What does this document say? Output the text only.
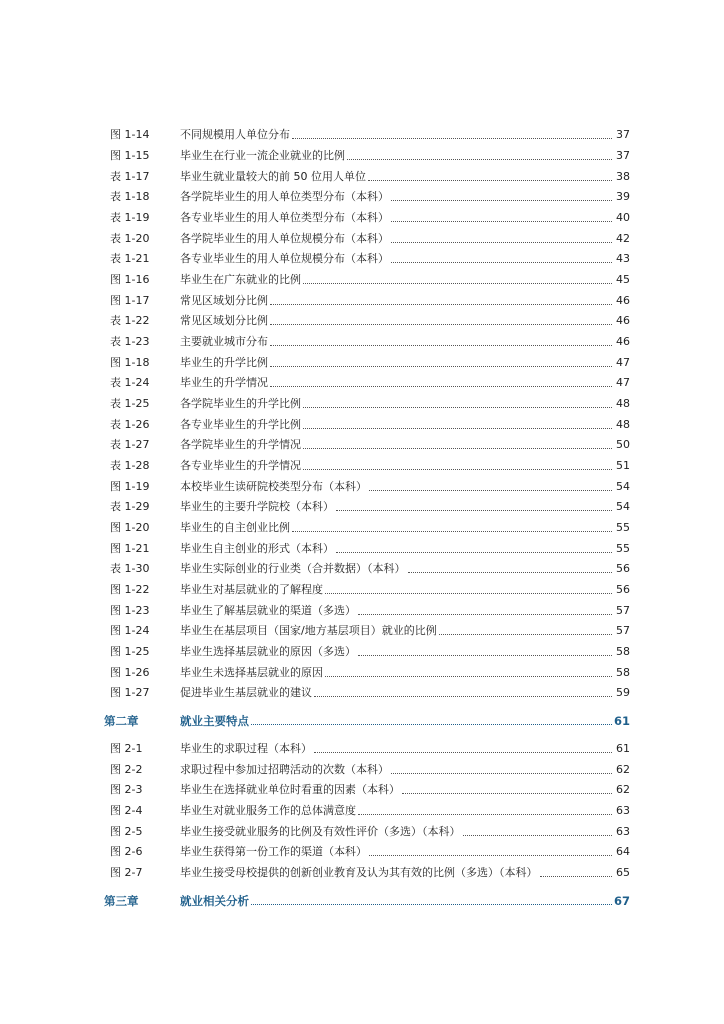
图 1-14	不同规模用人单位分布	37
图 1-15	毕业生在行业一流企业就业的比例	37
表 1-17	毕业生就业量较大的前 50 位用人单位	38
表 1-18	各学院毕业生的用人单位类型分布（本科）	39
表 1-19	各专业毕业生的用人单位类型分布（本科）	40
表 1-20	各学院毕业生的用人单位规模分布（本科）	42
表 1-21	各专业毕业生的用人单位规模分布（本科）	43
图 1-16	毕业生在广东就业的比例	45
图 1-17	常见区域划分比例	46
表 1-22	常见区域划分比例	46
表 1-23	主要就业城市分布	46
图 1-18	毕业生的升学比例	47
表 1-24	毕业生的升学情况	47
表 1-25	各学院毕业生的升学比例	48
表 1-26	各专业毕业生的升学比例	48
表 1-27	各学院毕业生的升学情况	50
表 1-28	各专业毕业生的升学情况	51
图 1-19	本校毕业生读研院校类型分布（本科）	54
表 1-29	毕业生的主要升学院校（本科）	54
图 1-20	毕业生的自主创业比例	55
图 1-21	毕业生自主创业的形式（本科）	55
表 1-30	毕业生实际创业的行业类（合并数据）（本科）	56
图 1-22	毕业生对基层就业的了解程度	56
图 1-23	毕业生了解基层就业的渠道（多选）	57
图 1-24	毕业生在基层项目（国家/地方基层项目）就业的比例	57
图 1-25	毕业生选择基层就业的原因（多选）	58
图 1-26	毕业生未选择基层就业的原因	58
图 1-27	促进毕业生基层就业的建议	59
第二章	就业主要特点	61
图 2-1	毕业生的求职过程（本科）	61
图 2-2	求职过程中参加过招聘活动的次数（本科）	62
图 2-3	毕业生在选择就业单位时看重的因素（本科）	62
图 2-4	毕业生对就业服务工作的总体满意度	63
图 2-5	毕业生接受就业服务的比例及有效性评价（多选）（本科）	63
图 2-6	毕业生获得第一份工作的渠道（本科）	64
图 2-7	毕业生接受母校提供的创新创业教育及认为其有效的比例（多选）（本科）	65
第三章	就业相关分析	67
